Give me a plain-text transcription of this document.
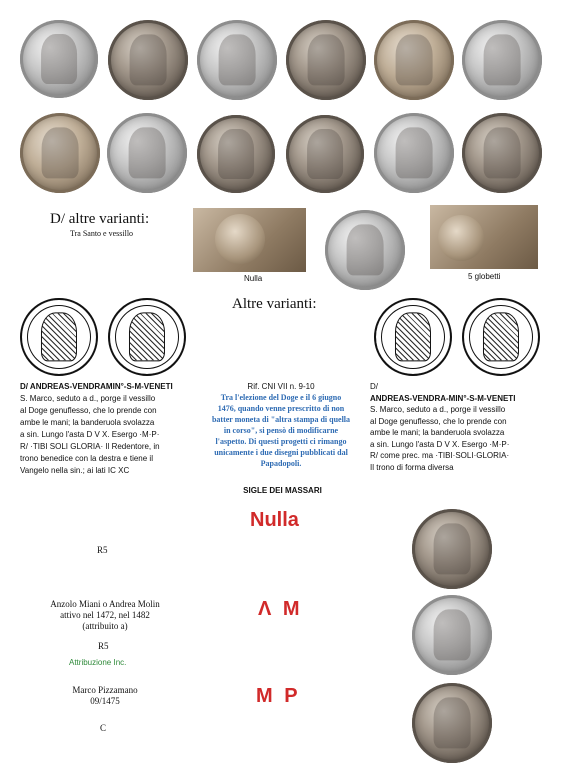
D/ altre varianti:
Tra Santo e vessillo
Nulla	5 globetti
Altre varianti:
D/ ANDREAS-VENDRAMIN°-S-M-VENETI
S. Marco, seduto a d., porge il vessillo
al Doge genuflesso, che lo prende con
ambe le mani; la banderuola svolazza
a sin. Lungo l'asta D V X. Esergo ·M·P·
R/ ·TIBI SOLI GLORIA· Il Redentore, in
trono benedice con la destra e tiene il
Vangelo nella sin.; ai lati IC XC
Rif. CNI VII n. 9-10
Tra l'elezione del Doge e il 6 giugno
1476, quando venne prescritto di non
batter moneta di "altra stampa di quella
in corso", si pensò di modificarne
l'aspetto. Di questi progetti ci rimango
unicamente i due disegni pubblicati dal
Papadopoli.
D/
ANDREAS-VENDRA-MIN°-S-M-VENETI
S. Marco, seduto a d., porge il vessillo
al Doge genuflesso, che lo prende con
ambe le mani; la banderuola svolazza
a sin. Lungo l'asta D V X. Esergo ·M·P·
R/ come prec. ma ·TIBI·SOLI·GLORIA·
Il trono di forma diversa
SIGLE DEI MASSARI
Nulla
R5
Anzolo Miani o Andrea Molin
attivo nel 1472, nel 1482
(attribuito a)
Λ M
R5
Attribuzione Inc.
Marco Pizzamano
09/1475	M P
C
